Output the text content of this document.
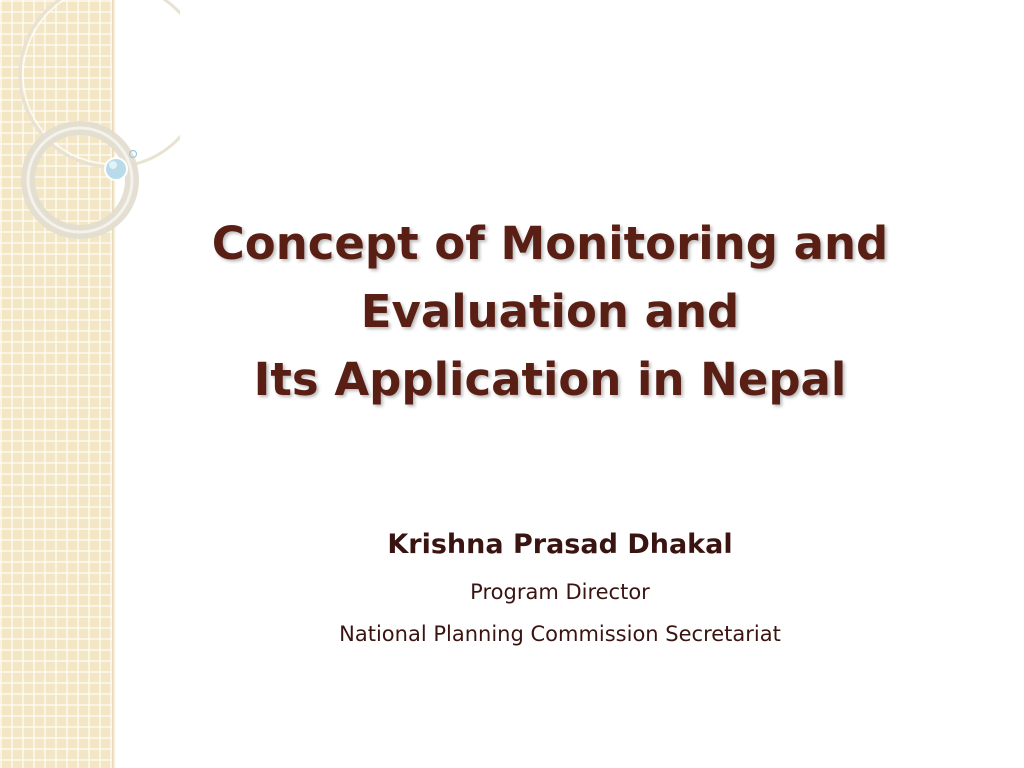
Concept of Monitoring and
Evaluation and
Its Application in Nepal
Krishna Prasad Dhakal
Program Director
National Planning Commission Secretariat
